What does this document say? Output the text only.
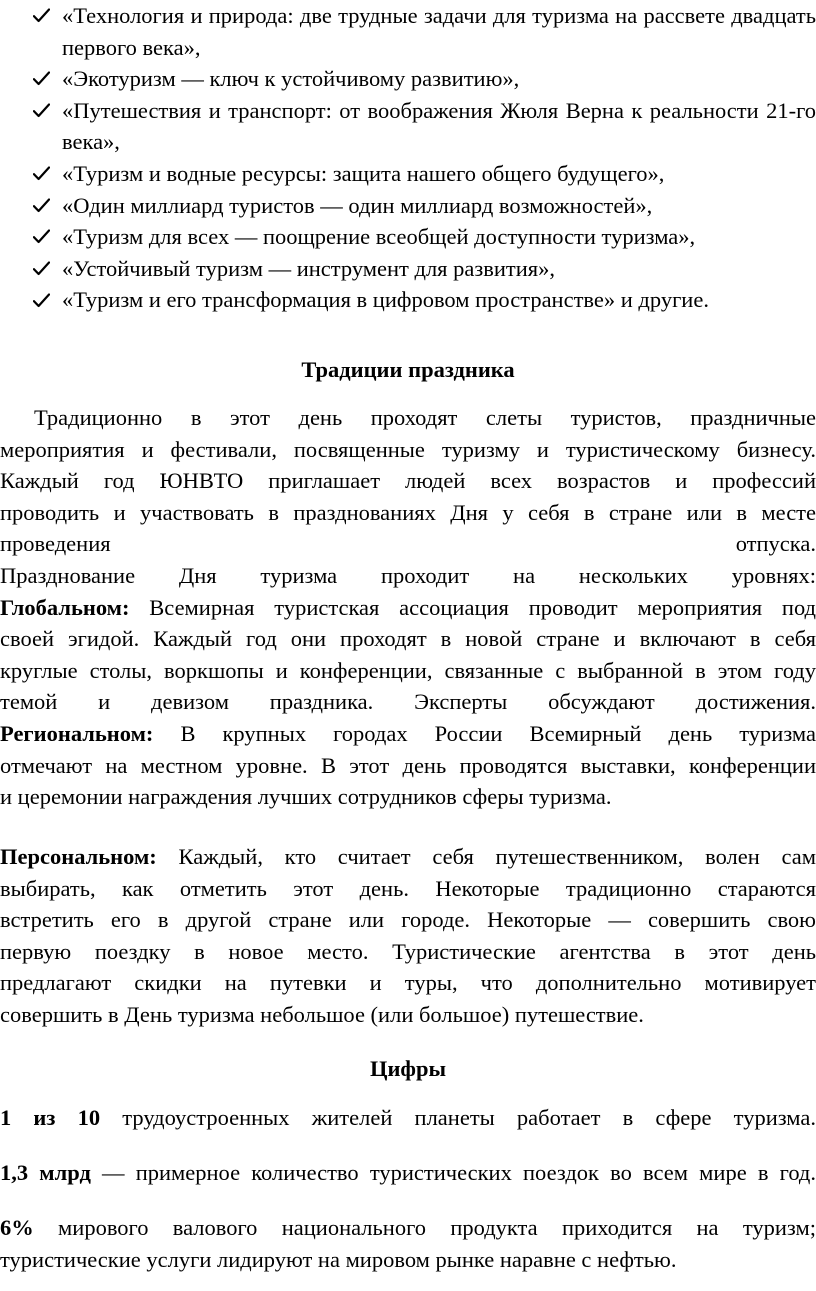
«Технология и природа: две трудные задачи для туризма на рассвете двадцать первого века»,
«Экотуризм — ключ к устойчивому развитию»,
«Путешествия и транспорт: от воображения Жюля Верна к реальности 21-го века»,
«Туризм и водные ресурсы: защита нашего общего будущего»,
«Один миллиард туристов — один миллиард возможностей»,
«Туризм для всех — поощрение всеобщей доступности туризма»,
«Устойчивый туризм — инструмент для развития»,
«Туризм и его трансформация в цифровом пространстве» и другие.
Традиции праздника
Традиционно в этот день проходят слеты туристов, праздничные
мероприятия и фестивали, посвященные туризму и туристическому бизнесу.
Каждый год ЮНВТО приглашает людей всех возрастов и профессий
проводить и участвовать в празднованиях Дня у себя в стране или в месте
проведения отпуска.
Празднование Дня туризма проходит на нескольких уровнях:
Глобальном: Всемирная туристская ассоциация проводит мероприятия под
своей эгидой. Каждый год они проходят в новой стране и включают в себя
круглые столы, воркшопы и конференции, связанные с выбранной в этом году
темой и девизом праздника. Эксперты обсуждают достижения.
Региональном: В крупных городах России Всемирный день туризма
отмечают на местном уровне. В этот день проводятся выставки, конференции
и церемонии награждения лучших сотрудников сферы туризма.
Персональном: Каждый, кто считает себя путешественником, волен сам
выбирать, как отметить этот день. Некоторые традиционно стараются
встретить его в другой стране или городе. Некоторые — совершить свою
первую поездку в новое место. Туристические агентства в этот день
предлагают скидки на путевки и туры, что дополнительно мотивирует
совершить в День туризма небольшое (или большое) путешествие.
Цифры
1 из 10 трудоустроенных жителей планеты работает в сфере туризма.
1,3 млрд — примерное количество туристических поездок во всем мире в год.
6% мирового валового национального продукта приходится на туризм;
туристические услуги лидируют на мировом рынке наравне с нефтью.
